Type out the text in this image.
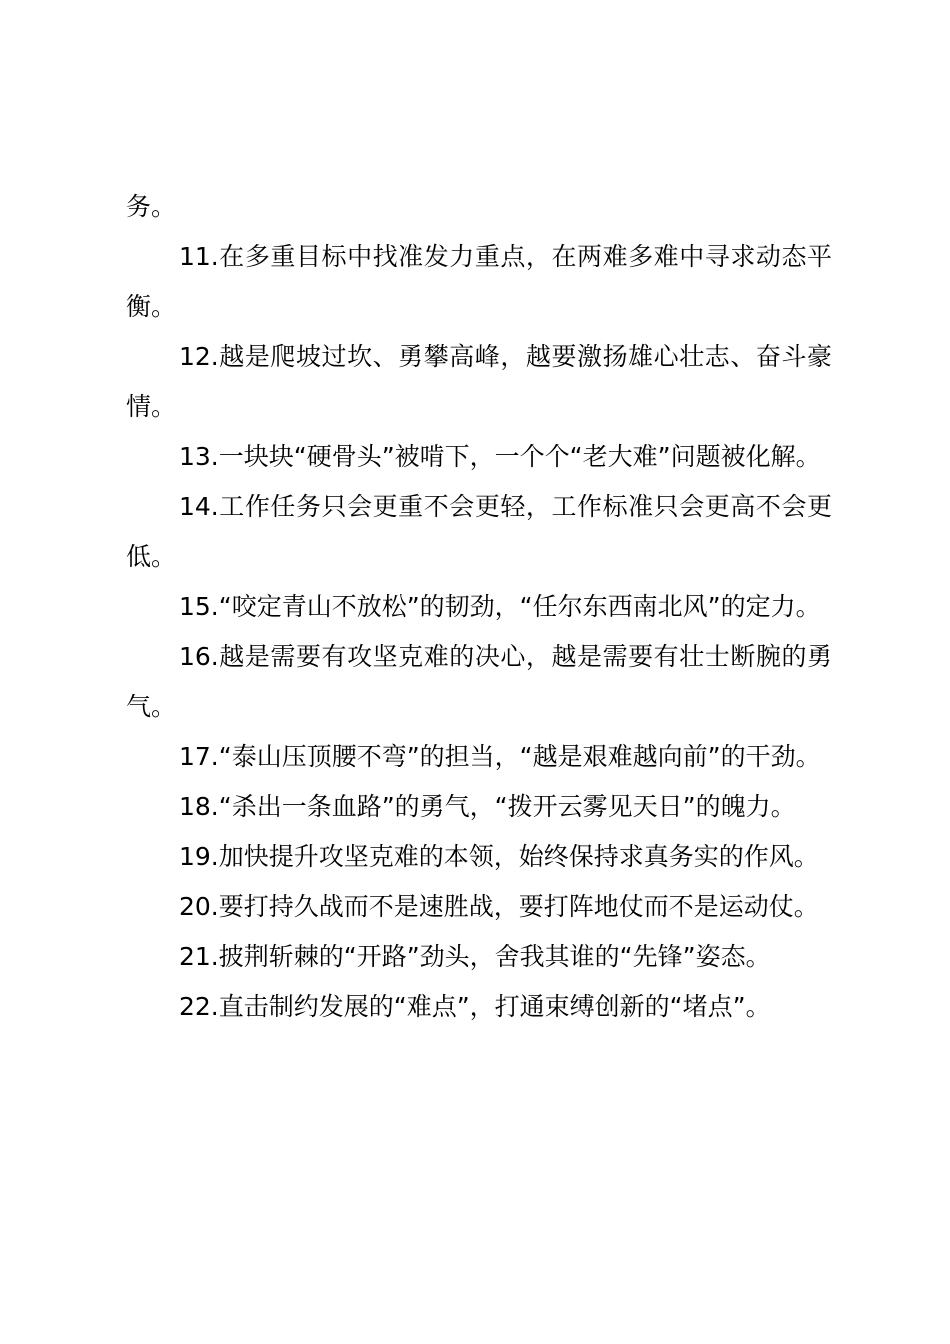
务。

11.在多重目标中找准发力重点，在两难多难中寻求动态平衡。

12.越是爬坡过坎、勇攀高峰，越要激扬雄心壮志、奋斗豪情。

13.一块块“硬骨头”被啃下，一个个“老大难”问题被化解。

14.工作任务只会更重不会更轻，工作标准只会更高不会更低。

15.“咬定青山不放松”的韧劲，“任尔东西南北风”的定力。

16.越是需要有攻坚克难的决心，越是需要有壮士断腕的勇气。

17.“泰山压顶腰不弯”的担当，“越是艰难越向前”的干劲。

18.“杀出一条血路”的勇气，“拨开云雾见天日”的魄力。

19.加快提升攻坚克难的本领，始终保持求真务实的作风。

20.要打持久战而不是速胜战，要打阵地仗而不是运动仗。

21.披荆斩棘的“开路”劲头，舍我其谁的“先锋”姿态。

22.直击制约发展的“难点”，打通束缚创新的“堵点”。
